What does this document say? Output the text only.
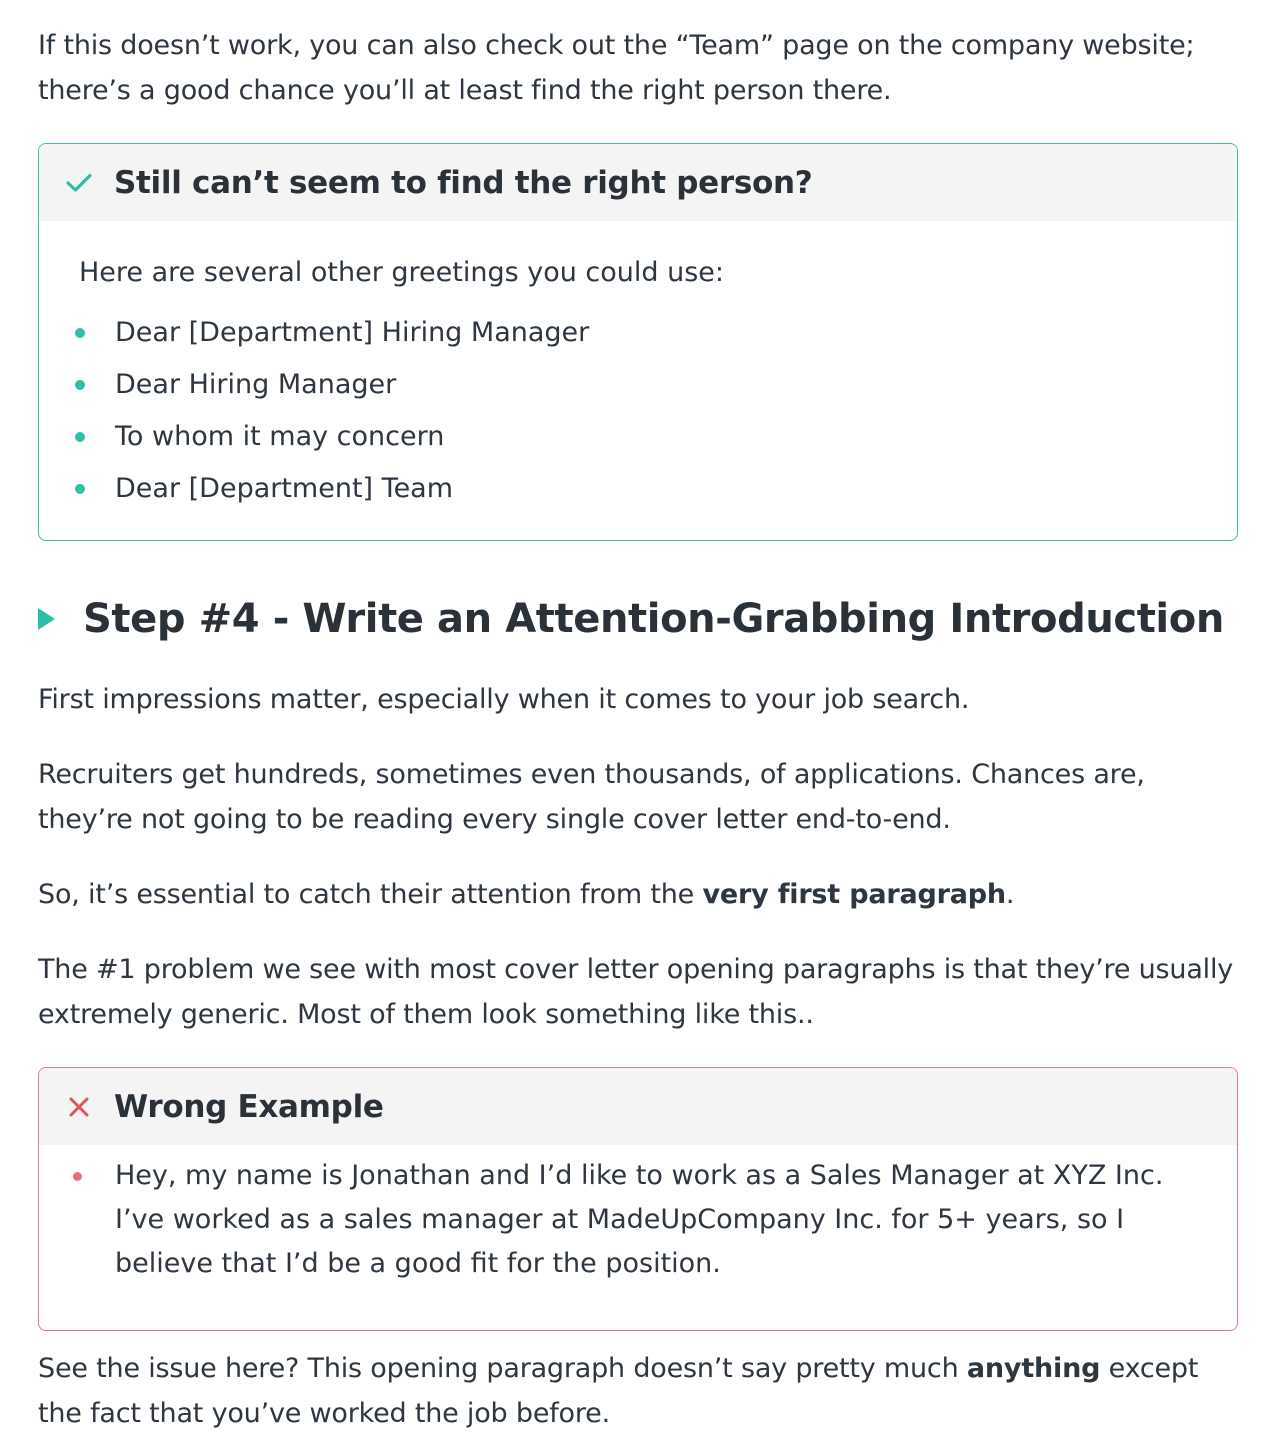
If this doesn’t work, you can also check out the “Team” page on the company website; there’s a good chance you’ll at least find the right person there.

Still can’t seem to find the right person?
Here are several other greetings you could use:
Dear [Department] Hiring Manager
Dear Hiring Manager
To whom it may concern
Dear [Department] Team
Step #4 - Write an Attention-Grabbing Introduction

First impressions matter, especially when it comes to your job search.

Recruiters get hundreds, sometimes even thousands, of applications. Chances are, they’re not going to be reading every single cover letter end-to-end.

So, it’s essential to catch their attention from the very first paragraph.

The #1 problem we see with most cover letter opening paragraphs is that they’re usually extremely generic. Most of them look something like this..

Wrong Example
Hey, my name is Jonathan and I’d like to work as a Sales Manager at XYZ Inc. I’ve worked as a sales manager at MadeUpCompany Inc. for 5+ years, so I believe that I’d be a good fit for the position.

See the issue here? This opening paragraph doesn’t say pretty much anything except the fact that you’ve worked the job before.
